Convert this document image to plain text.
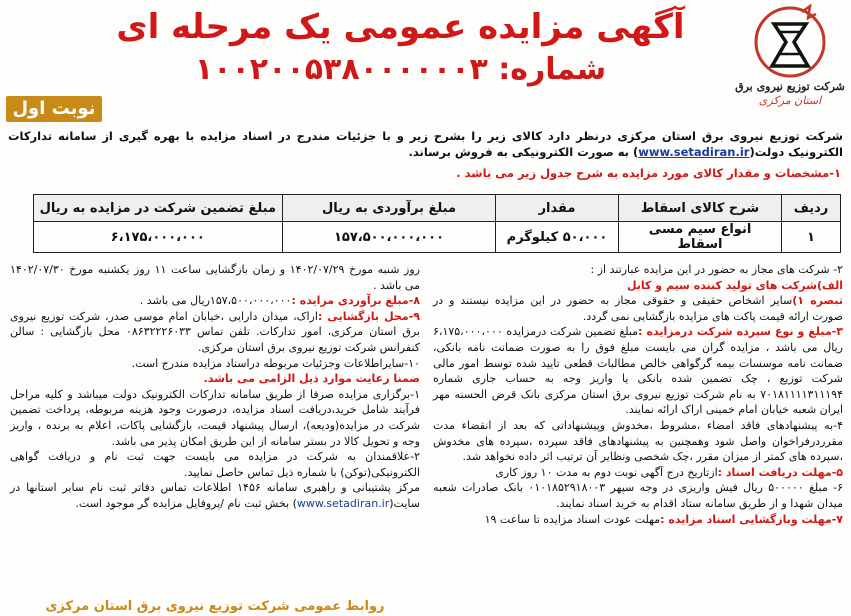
شرکت توزیع نیروی برق
استان مرکزی
آگهی مزایده عمومی یک مرحله ای
شماره: ۱۰۰۲۰۰۵۳۸۰۰۰۰۰۰۳
نوبت اول
شرکت توزیع نیروی برق استان مرکزی درنظر دارد کالای زیر را بشرح زیر و با جزئیات مندرج در اسناد مزایده با بهره گیری از سامانه تدارکات الکترونیک دولت(www.setadiran.ir) به صورت الکترونیکی به فروش برساند.
۱-مشخصات و مقدار کالای مورد مزایده به شرح جدول زیر می باشد .
ردیف	شرح کالای اسقاط	مقدار	مبلغ برآوردی به ریال	مبلغ تضمین شرکت در مزایده به ریال
۱	انواع سیم مسی اسقاط	۵۰،۰۰۰ کیلوگرم	۱۵۷،۵۰۰،۰۰۰،۰۰۰	۶،۱۷۵،۰۰۰،۰۰۰

۲- شرکت های مجاز به حضور در این مزایده عبارتند از :

الف)شرکت های تولید کننده سیم و کابل

تبصره ۱)سایر اشخاص حقیقی و حقوقی مجاز به حضور در این مزایده نیستند و در صورت ارائه قیمت پاکت های مزایده بازگشایی نمی گردد.

۳-مبلغ و نوع سپرده شرکت درمزایده :مبلغ تضمین شرکت درمزایده ۶،۱۷۵،۰۰۰،۰۰۰ ریال می باشد ، مزایده گران می بایست مبلغ فوق را به صورت ضمانت نامه بانکی، ضمانت نامه موسسات بیمه گرگواهی خالص مطالبات قطعی تایید شده توسط امور مالی شرکت توزیع ، چک تضمین شده بانکی یا واریز وجه به حساب جاری شماره ۷۰۱۸۱۱۱۱۳۱۱۱۹۴ به نام شرکت توزیع نیروی برق استان مرکزی بانک قرض الحسنه مهر ایران شعبه خیابان امام خمینی اراک ارائه نمایند.

۴-به پیشنهادهای فاقد امضاء ،مشروط ،مخدوش وپیشنهاداتی که بعد از انقضاء مدت مقرردرفراخوان واصل شود وهمچنین به پیشنهادهای فاقد سپرده ،سپرده های مخدوش ،سپرده های کمتر از میزان مقرر ،چک شخصی ونظایر آن ترتیب اثر داده نخواهد شد.

۵-مهلت دریافت اسناد :ازتاریخ درج آگهی نوبت دوم به مدت ۱۰ روز کاری

۶- مبلغ ۵۰۰۰۰۰ ریال فیش واریزی در وجه سپهر ۰۱۰۱۸۵۲۹۱۸۰۰۳ بانک صادرات شعبه میدان شهدا و از طریق سامانه ستاد اقدام به خرید اسناد نمایند.

۷-مهلت وبازگشایی اسناد مزایده :مهلت عودت اسناد مزایده تا ساعت ۱۹

روز شنبه مورخ ۱۴۰۲/۰۷/۲۹ و زمان بازگشایی ساعت ۱۱ روز یکشنبه مورخ ۱۴۰۲/۰۷/۳۰ می باشد .

۸-مبلغ برآوردی مزایده :۱۵۷،۵۰۰،۰۰۰،۰۰۰ریال می باشد .

۹-محل بازگشایی :اراک، میدان دارایی ،خیابان امام موسی صدر، شرکت توزیع نیروی برق استان مرکزی، امور تدارکات. تلفن تماس ۰۸۶۳۲۲۲۶۰۳۳ محل بازگشایی : سالن کنفرانس شرکت توزیع نیروی برق استان مرکزی.

۱۰-سایراطلاعات وجزئیات مربوطه دراسناد مزایده مندرج است.

ضمنا رعایت موارد ذیل الزامی می باشد.

۱-برگزاری مزایده صرفا از طریق سامانه تدارکات الکترونیک دولت میباشد و کلیه مراحل فرآیند شامل خرید،دریافت اسناد مزایده، درصورت وجود هزینه مربوطه، پرداخت تضمین شرکت در مزایده(ودیعه)، ارسال پیشنهاد قیمت، بازگشایی پاکات، اعلام به برنده ، واریز وجه و تحویل کالا در بستر سامانه از این طریق امکان پذیر می باشد.

۲-علاقمندان به شرکت در مزایده می بایست جهت ثبت نام و دریافت گواهی الکترونیکی(توکن) با شماره ذیل تماس حاصل نمایید.

مرکز پشتیبانی و راهبری سامانه ۱۴۵۶ اطلاعات تماس دفاتر ثبت نام سایر استانها در سایت(www.setadiran.ir) بخش ثبت نام /پروفایل مزایده گر موجود است.

روابط عمومی شرکت توزیع نیروی برق استان مرکزی
